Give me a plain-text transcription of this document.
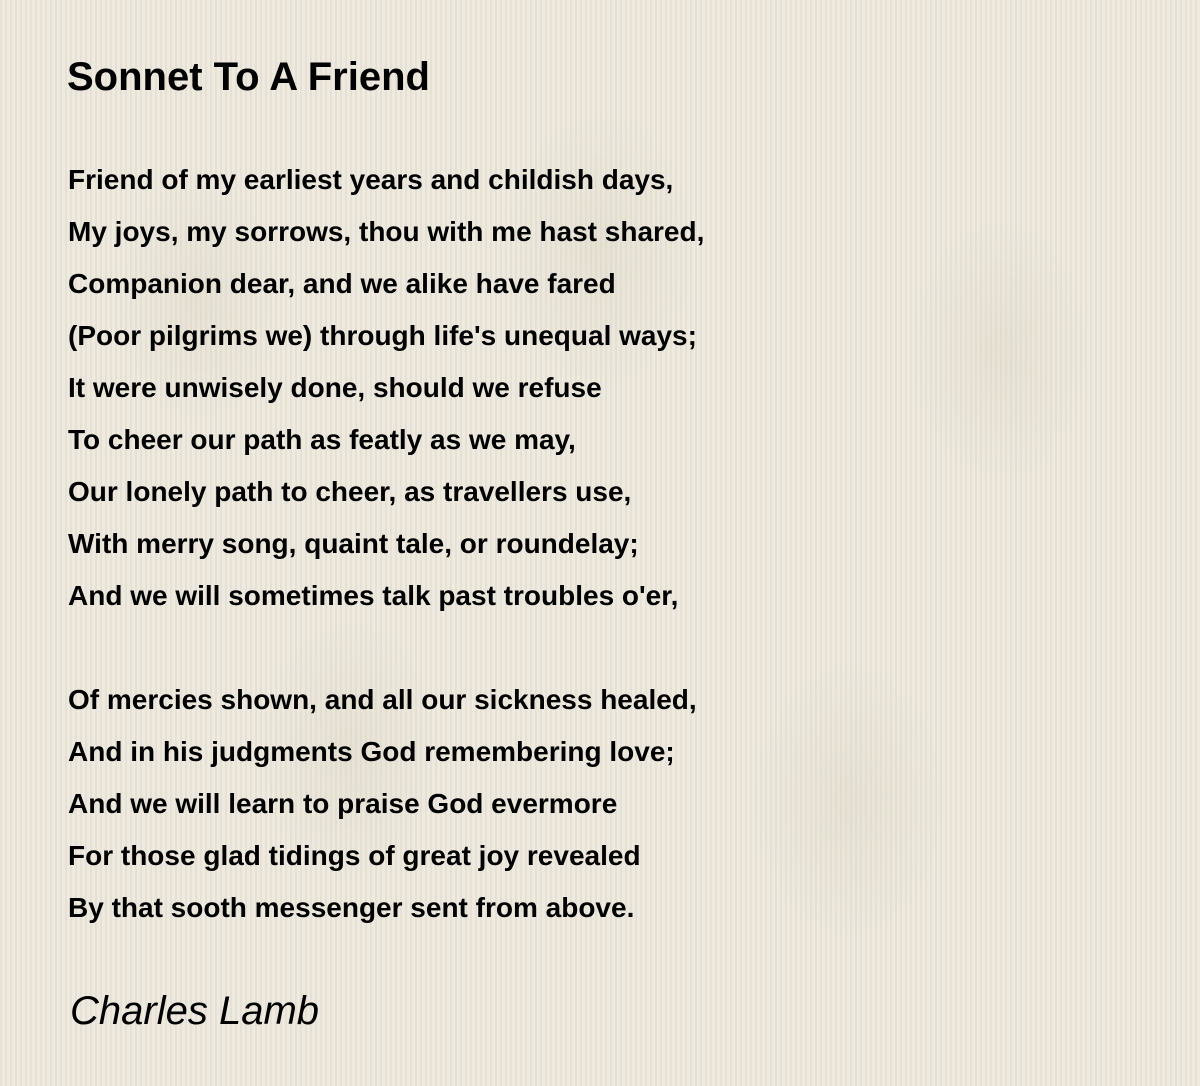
Sonnet To A Friend
Friend of my earliest years and childish days,
My joys, my sorrows, thou with me hast shared,
Companion dear, and we alike have fared
(Poor pilgrims we) through life's unequal ways;
It were unwisely done, should we refuse
To cheer our path as featly as we may,
Our lonely path to cheer, as travellers use,
With merry song, quaint tale, or roundelay;
And we will sometimes talk past troubles o'er,
Of mercies shown, and all our sickness healed,
And in his judgments God remembering love;
And we will learn to praise God evermore
For those glad tidings of great joy revealed
By that sooth messenger sent from above.
Charles Lamb
